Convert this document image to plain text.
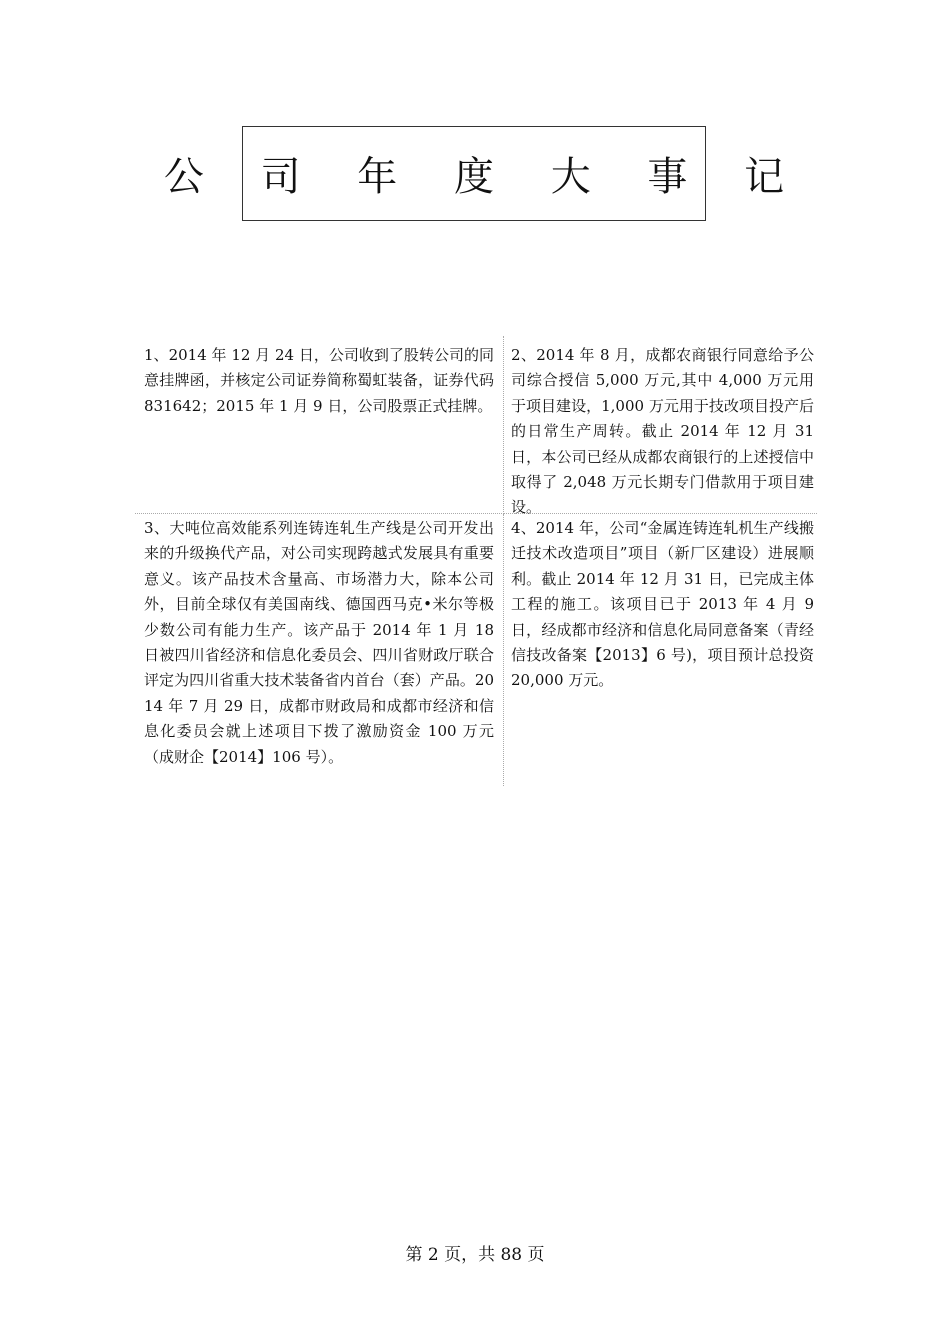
公 司 年 度 大 事 记
1、2014 年 12 月 24 日，公司收到了股转公司的同意挂牌函，并核定公司证券简称蜀虹装备，证券代码 831642；2015 年 1 月 9 日，公司股票正式挂牌。
2、2014 年 8 月，成都农商银行同意给予公司综合授信 5,000 万元,其中 4,000 万元用于项目建设，1,000 万元用于技改项目投产后的日常生产周转。截止 2014 年 12 月 31 日，本公司已经从成都农商银行的上述授信中取得了 2,048 万元长期专门借款用于项目建设。
3、大吨位高效能系列连铸连轧生产线是公司开发出来的升级换代产品，对公司实现跨越式发展具有重要意义。该产品技术含量高、市场潜力大，除本公司外，目前全球仅有美国南线、德国西马克•米尔等极少数公司有能力生产。该产品于 2014 年 1 月 18 日被四川省经济和信息化委员会、四川省财政厅联合评定为四川省重大技术装备省内首台（套）产品。2014 年 7 月 29 日，成都市财政局和成都市经济和信息化委员会就上述项目下拨了激励资金 100 万元（成财企【2014】106 号）。
4、2014 年，公司“金属连铸连轧机生产线搬迁技术改造项目”项目（新厂区建设）进展顺利。截止 2014 年 12 月 31 日，已完成主体工程的施工。该项目已于 2013 年 4 月 9 日，经成都市经济和信息化局同意备案（青经信技改备案【2013】6 号)，项目预计总投资 20,000 万元。
第 2 页，共 88 页
